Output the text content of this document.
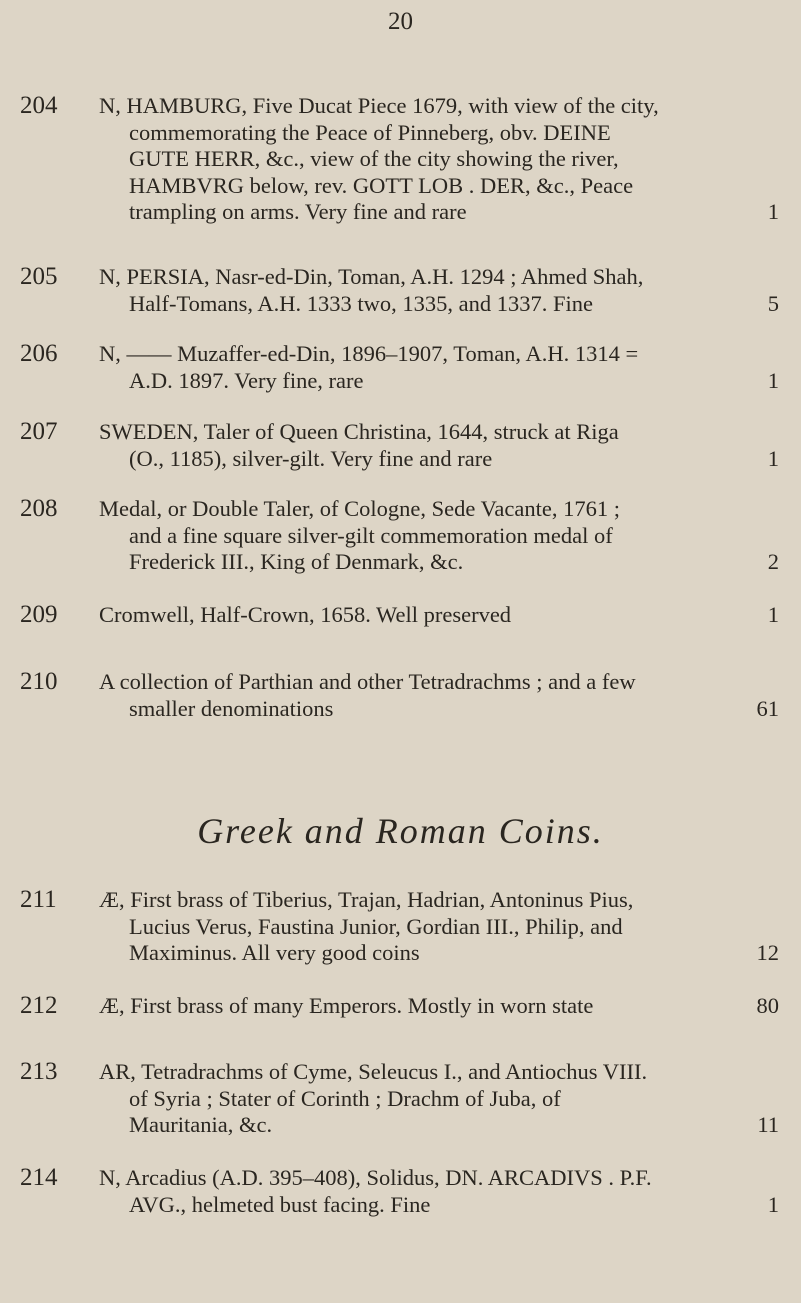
20
204 N, HAMBURG, Five Ducat Piece 1679, with view of the city,
commemorating the Peace of Pinneberg, obv. DEINE
GUTE HERR, &c., view of the city showing the river,
HAMBVRG below, rev. GOTT LOB . DER, &c., Peace
trampling on arms. Very fine and rare	1
205 N, PERSIA, Nasr-ed-Din, Toman, A.H. 1294 ; Ahmed Shah,
Half-Tomans, A.H. 1333 two, 1335, and 1337. Fine	5
206 N, —— Muzaffer-ed-Din, 1896–1907, Toman, A.H. 1314 =
A.D. 1897. Very fine, rare	1
207 SWEDEN, Taler of Queen Christina, 1644, struck at Riga
(O., 1185), silver-gilt. Very fine and rare	1
208 Medal, or Double Taler, of Cologne, Sede Vacante, 1761 ;
and a fine square silver-gilt commemoration medal of
Frederick III., King of Denmark, &c.	2
209 Cromwell, Half-Crown, 1658. Well preserved	1
210 A collection of Parthian and other Tetradrachms ; and a few
smaller denominations	61
Greek and Roman Coins.
211 Æ, First brass of Tiberius, Trajan, Hadrian, Antoninus Pius,
Lucius Verus, Faustina Junior, Gordian III., Philip, and
Maximinus. All very good coins	12
212 Æ, First brass of many Emperors. Mostly in worn state	80
213 AR, Tetradrachms of Cyme, Seleucus I., and Antiochus VIII.
of Syria ; Stater of Corinth ; Drachm of Juba, of
Mauritania, &c.	11
214 N, Arcadius (A.D. 395–408), Solidus, DN. ARCADIVS . P.F.
AVG., helmeted bust facing. Fine	1
